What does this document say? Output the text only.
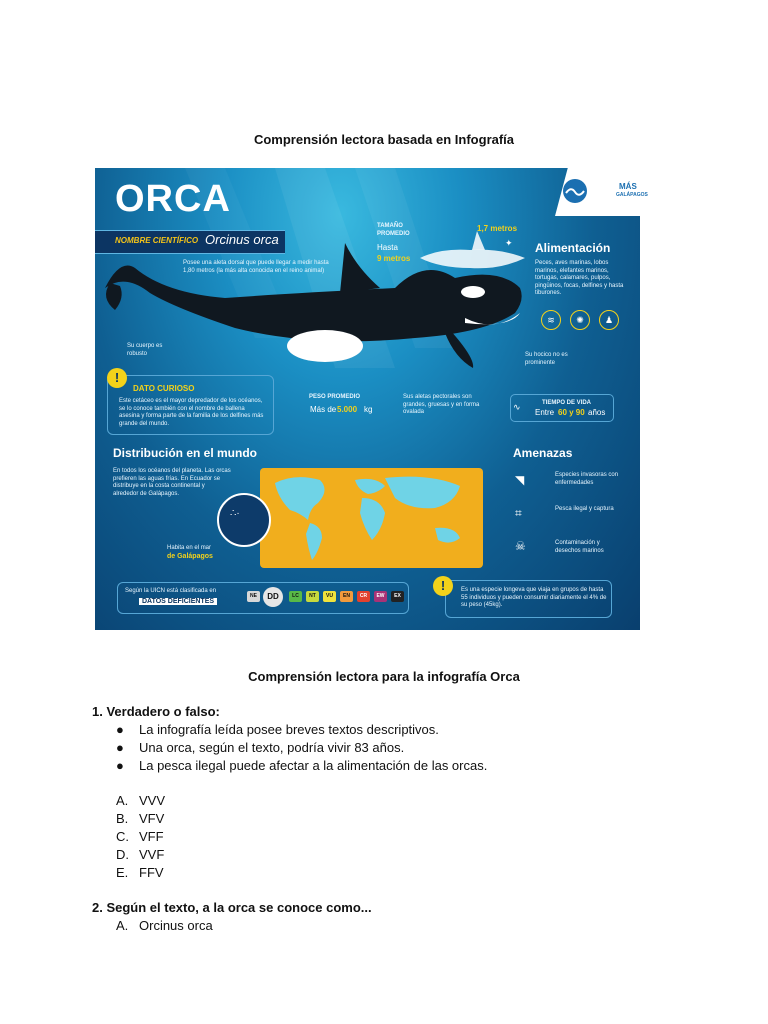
Comprensión lectora basada en Infografía
ORCA
NOMBRE CIENTÍFICO Orcinus orca
MÁS
GALÁPAGOS
Posee una aleta dorsal que puede llegar a medir hasta 1,80 metros (la más alta conocida en el reino animal)
TAMAÑO PROMEDIO
Hasta
9 metros
1,7 metros
✦ Alimentación
Peces, aves marinas, lobos marinos, elefantes marinos, tortugas, calamares, pulpos, pingüinos, focas, delfines y hasta tiburones.
≋	✺	♟
Su cuerpo es robusto	Su hocico no es prominente
!
DATO CURIOSO
Este cetáceo es el mayor depredador de los océanos, se lo conoce también con el nombre de ballena asesina y forma parte de la familia de los delfines más grande del mundo.
PESO PROMEDIO
Más de 5.000 kg
Sus aletas pectorales son grandes, gruesas y en forma ovalada
TIEMPO DE VIDA
∿
Entre 60 y 90 años
Distribución en el mundo
En todos los océanos del planeta. Las orcas prefieren las aguas frías. En Ecuador se distribuye en la costa continental y alrededor de Galápagos.
∴·
Habita en el mar
de Galápagos
Amenazas
◥	Especies invasoras con enfermedades
⌗	Pesca ilegal y captura
☠	Contaminación y desechos marinos
Según la UICN está clasificada en
DATOS DEFICIENTES
NE	DD	LC	NT	VU	EN	CR	EW	EX
!	Es una especie longeva que viaja en grupos de hasta 55 individuos y pueden consumir diariamente el 4% de su peso (45kg).
Comprensión lectora para la infografía Orca
1. Verdadero o falso:
● La infografía leída posee breves textos descriptivos.
● Una orca, según el texto, podría vivir 83 años.
● La pesca ilegal puede afectar a la alimentación de las orcas.
A. VVV
B. VFV
C. VFF
D. VVF
E. FFV
2. Según el texto, a la orca se conoce como...
A. Orcinus orca
